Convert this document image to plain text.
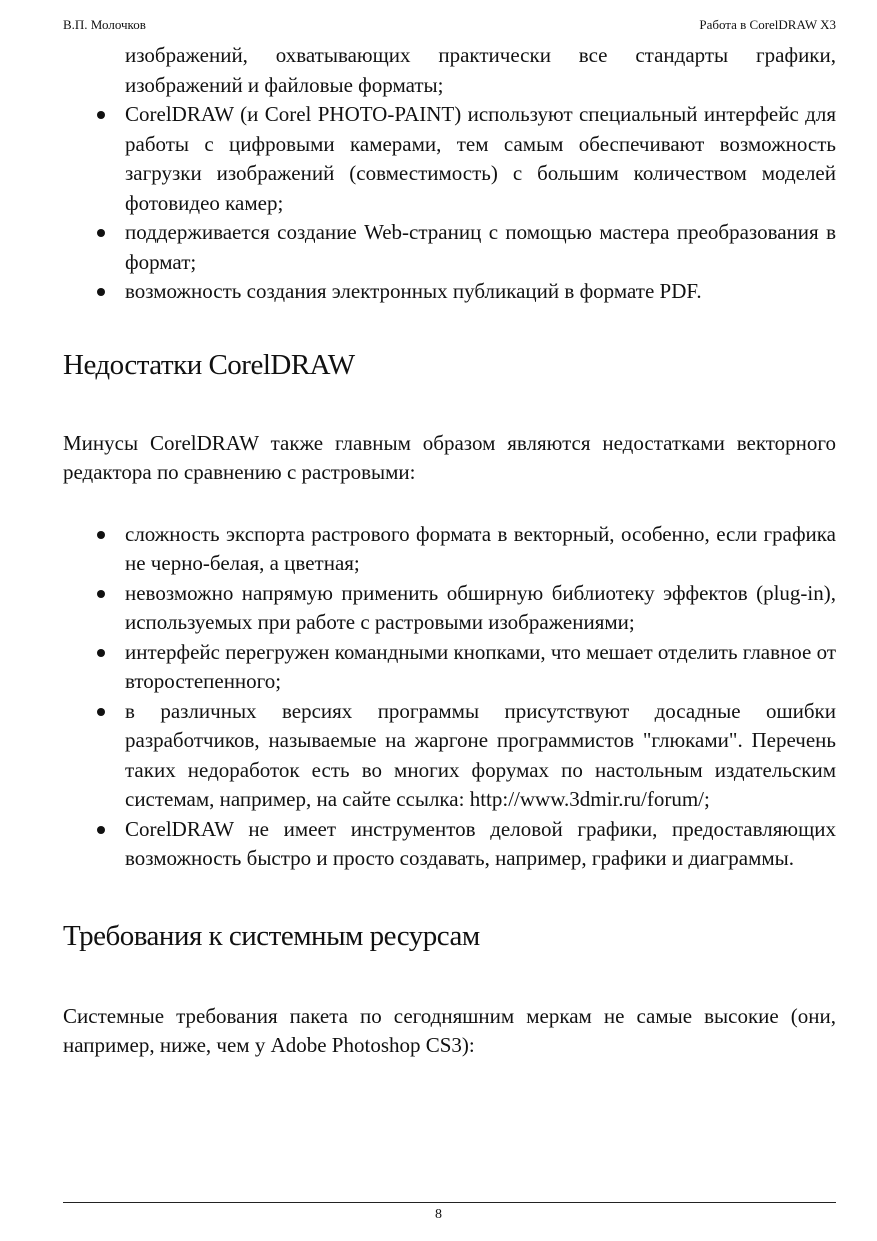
В.П. Молочков	Работа в CorelDRAW X3
изображений, охватывающих практически все стандарты графики, изображений и файловые форматы;
CorelDRAW (и Corel PHOTO-PAINT) используют специальный интерфейс для работы с цифровыми камерами, тем самым обеспечивают возможность загрузки изображений (совместимость) с большим количеством моделей фотовидео камер;
поддерживается создание Web-страниц с помощью мастера преобразования в формат;
возможность создания электронных публикаций в формате PDF.
Недостатки CorelDRAW

Минусы CorelDRAW также главным образом являются недостатками векторного редактора по сравнению с растровыми:

сложность экспорта растрового формата в векторный, особенно, если графика не черно-белая, а цветная;
невозможно напрямую применить обширную библиотеку эффектов (plug-in), используемых при работе с растровыми изображениями;
интерфейс перегружен командными кнопками, что мешает отделить главное от второстепенного;
в различных версиях программы присутствуют досадные ошибки разработчиков, называемые на жаргоне программистов "глюками". Перечень таких недоработок есть во многих форумах по настольным издательским системам, например, на сайте ссылка: http://www.3dmir.ru/forum/;
CorelDRAW не имеет инструментов деловой графики, предоставляющих возможность быстро и просто создавать, например, графики и диаграммы.
Требования к системным ресурсам

Системные требования пакета по сегодняшним меркам не самые высокие (они, например, ниже, чем у Adobe Photoshop CS3):

8
